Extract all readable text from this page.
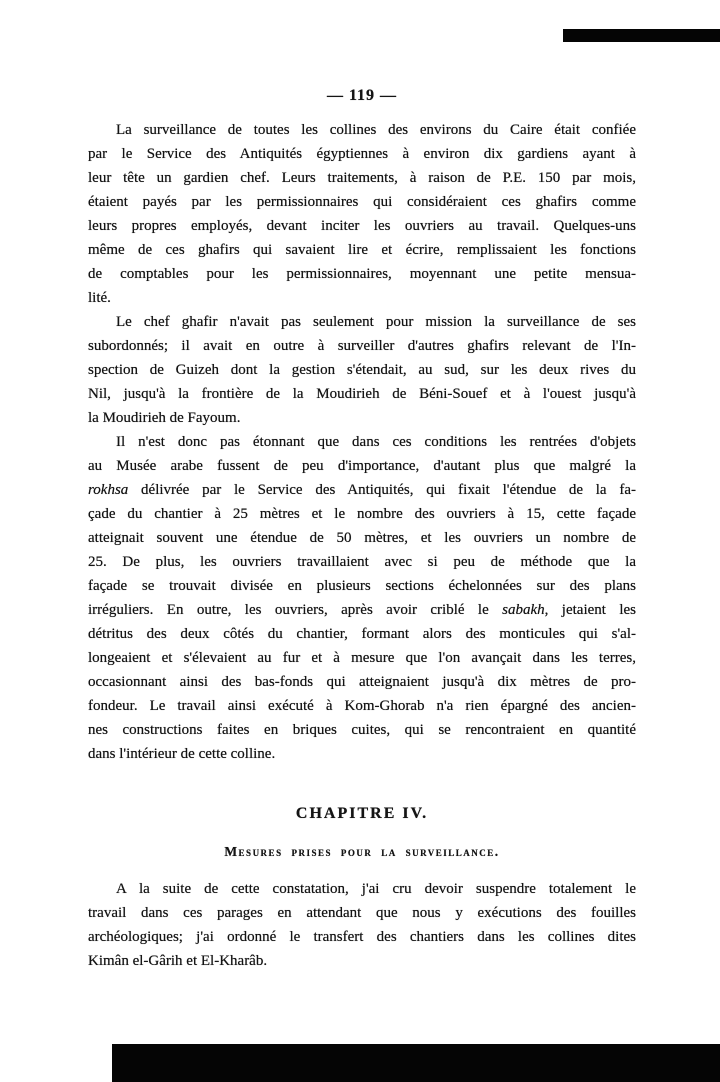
— 119 —
La surveillance de toutes les collines des environs du Caire était confiée
par le Service des Antiquités égyptiennes à environ dix gardiens ayant à
leur tête un gardien chef. Leurs traitements, à raison de P.E. 150 par mois,
étaient payés par les permissionnaires qui considéraient ces ghafirs comme
leurs propres employés, devant inciter les ouvriers au travail. Quelques-uns
même de ces ghafirs qui savaient lire et écrire, remplissaient les fonctions
de comptables pour les permissionnaires, moyennant une petite mensua-
lité.
Le chef ghafir n'avait pas seulement pour mission la surveillance de ses
subordonnés; il avait en outre à surveiller d'autres ghafirs relevant de l'In-
spection de Guizeh dont la gestion s'étendait, au sud, sur les deux rives du
Nil, jusqu'à la frontière de la Moudirieh de Béni-Souef et à l'ouest jusqu'à
la Moudirieh de Fayoum.
Il n'est donc pas étonnant que dans ces conditions les rentrées d'objets
au Musée arabe fussent de peu d'importance, d'autant plus que malgré la
rokhsa délivrée par le Service des Antiquités, qui fixait l'étendue de la fa-
çade du chantier à 25 mètres et le nombre des ouvriers à 15, cette façade
atteignait souvent une étendue de 50 mètres, et les ouvriers un nombre de
25. De plus, les ouvriers travaillaient avec si peu de méthode que la
façade se trouvait divisée en plusieurs sections échelonnées sur des plans
irréguliers. En outre, les ouvriers, après avoir criblé le sabakh, jetaient les
détritus des deux côtés du chantier, formant alors des monticules qui s'al-
longeaient et s'élevaient au fur et à mesure que l'on avançait dans les terres,
occasionnant ainsi des bas-fonds qui atteignaient jusqu'à dix mètres de pro-
fondeur. Le travail ainsi exécuté à Kom-Ghorab n'a rien épargné des ancien-
nes constructions faites en briques cuites, qui se rencontraient en quantité
dans l'intérieur de cette colline.
CHAPITRE IV.
Mesures prises pour la surveillance.
A la suite de cette constatation, j'ai cru devoir suspendre totalement le
travail dans ces parages en attendant que nous y exécutions des fouilles
archéologiques; j'ai ordonné le transfert des chantiers dans les collines dites
Kimân el-Gârih et El-Kharâb.
